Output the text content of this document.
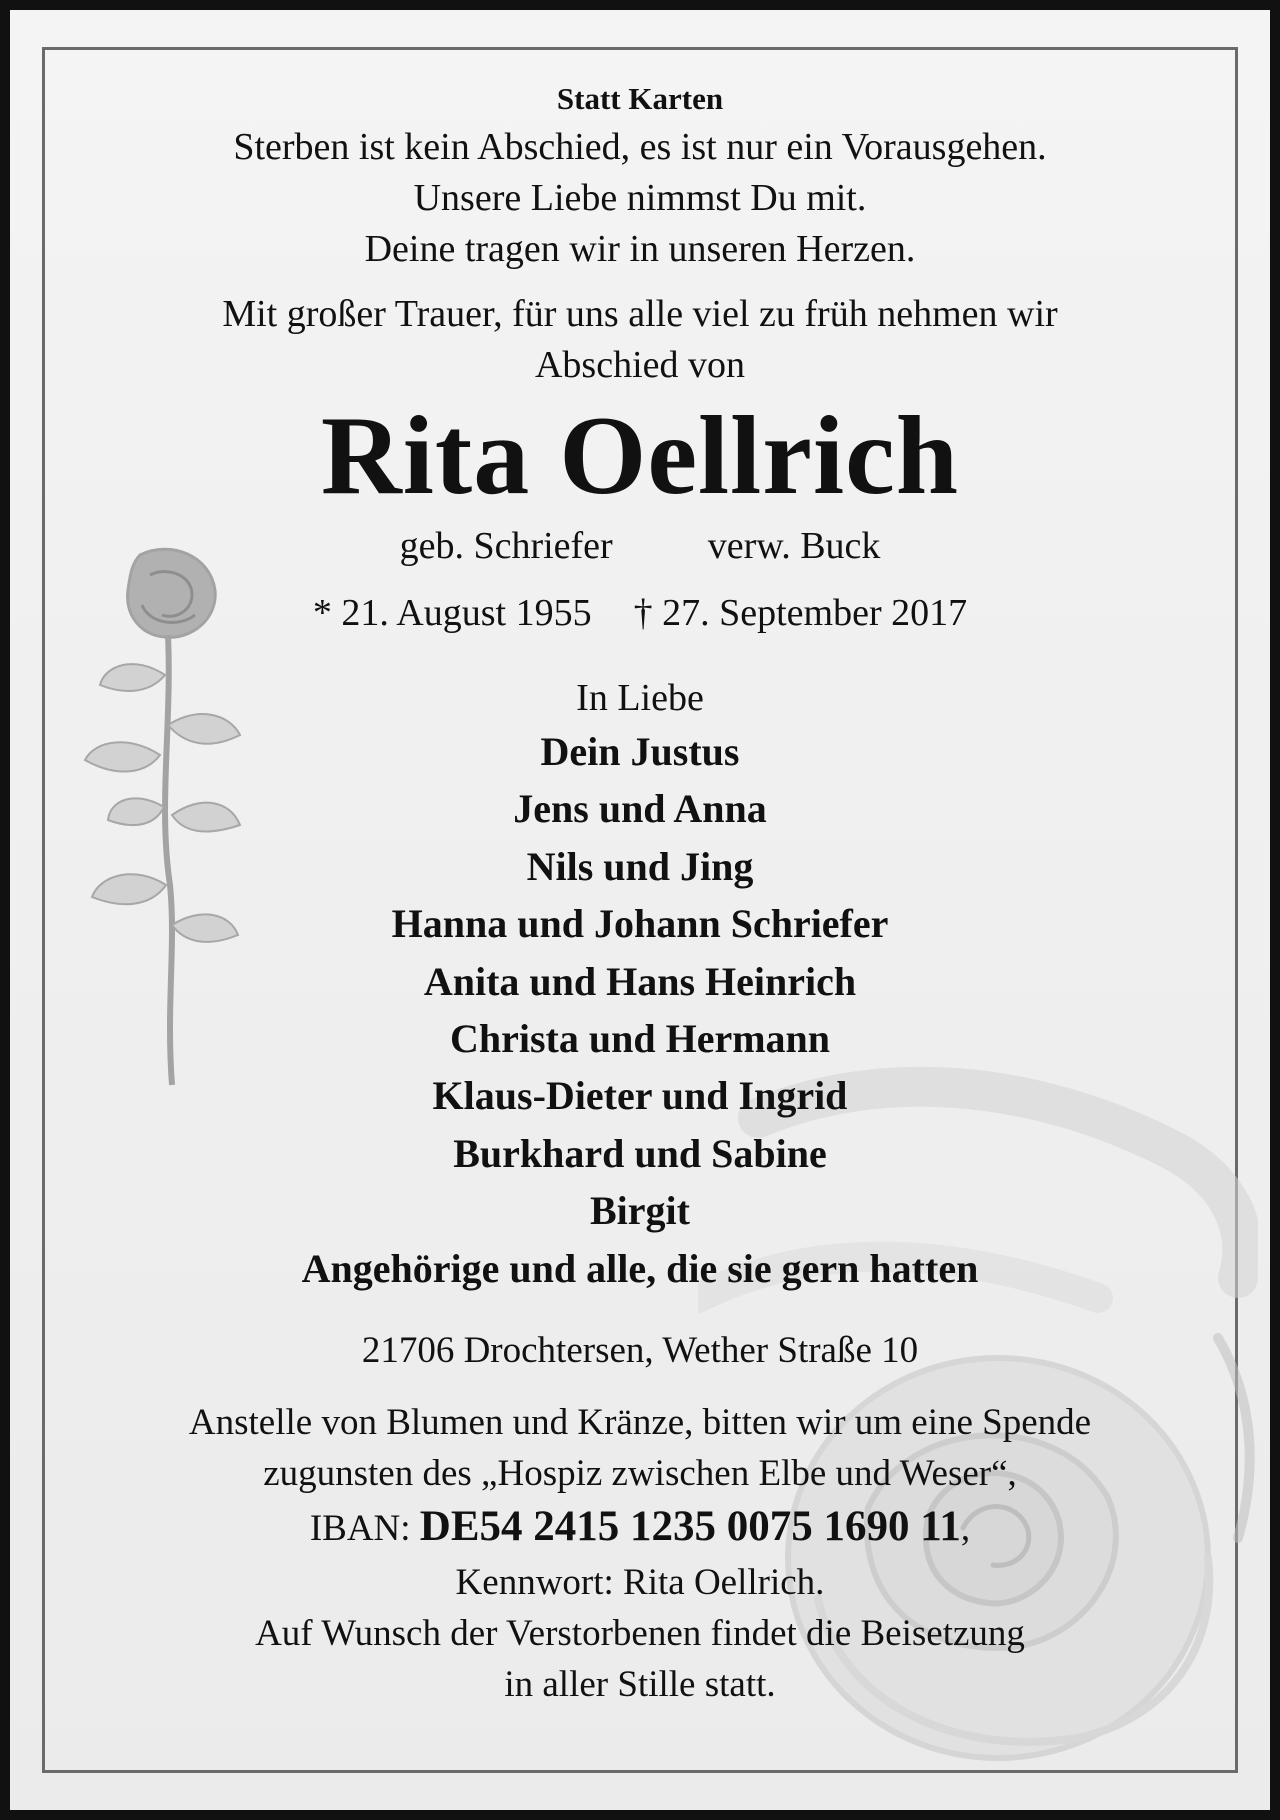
Statt Karten
Sterben ist kein Abschied, es ist nur ein Vorausgehen.
Unsere Liebe nimmst Du mit.
Deine tragen wir in unseren Herzen.
Mit großer Trauer, für uns alle viel zu früh nehmen wir
Abschied von
Rita Oellrich
geb. Schriefer	verw. Buck
* 21. August 1955 † 27. September 2017
In Liebe
Dein Justus
Jens und Anna
Nils und Jing
Hanna und Johann Schriefer
Anita und Hans Heinrich
Christa und Hermann
Klaus-Dieter und Ingrid
Burkhard und Sabine
Birgit
Angehörige und alle, die sie gern hatten
21706 Drochtersen, Wether Straße 10
Anstelle von Blumen und Kränze, bitten wir um eine Spende
zugunsten des „Hospiz zwischen Elbe und Weser“,
IBAN: DE54 2415 1235 0075 1690 11,
Kennwort: Rita Oellrich.
Auf Wunsch der Verstorbenen findet die Beisetzung
in aller Stille statt.
